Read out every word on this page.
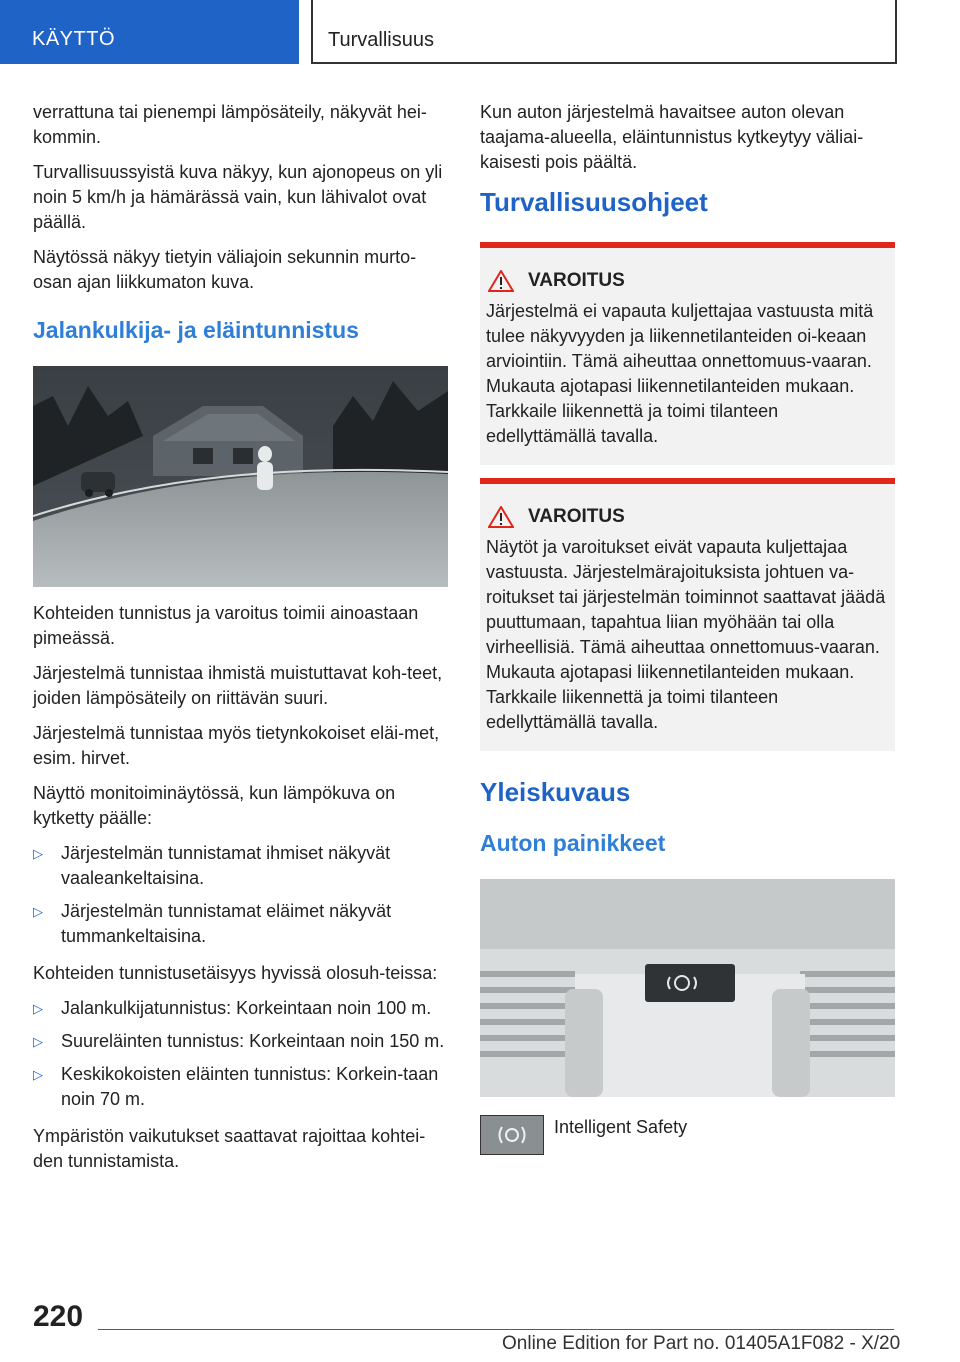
KÄYTTÖ	Turvallisuus

verrattuna tai pienempi lämpösäteily, näkyvät hei-kommin.

Turvallisuussyistä kuva näkyy, kun ajonopeus on yli noin 5 km/h ja hämärässä vain, kun lähivalot ovat päällä.

Näytössä näkyy tietyin väliajoin sekunnin murto-osan ajan liikkumaton kuva.

Jalankulkija- ja eläintunnistus

Kohteiden tunnistus ja varoitus toimii ainoastaan pimeässä.

Järjestelmä tunnistaa ihmistä muistuttavat koh-teet, joiden lämpösäteily on riittävän suuri.

Järjestelmä tunnistaa myös tietynkokoiset eläi-met, esim. hirvet.

Näyttö monitoiminäytössä, kun lämpökuva on kytketty päälle:

▷ Järjestelmän tunnistamat ihmiset näkyvät vaaleankeltaisina.
▷ Järjestelmän tunnistamat eläimet näkyvät tummankeltaisina.

Kohteiden tunnistusetäisyys hyvissä olosuh-teissa:

▷ Jalankulkijatunnistus: Korkeintaan noin 100 m.
▷ Suureläinten tunnistus: Korkeintaan noin 150 m.
▷ Keskikokoisten eläinten tunnistus: Korkein-taan noin 70 m.

Ympäristön vaikutukset saattavat rajoittaa kohtei-den tunnistamista.

Kun auton järjestelmä havaitsee auton olevan taajama-alueella, eläintunnistus kytkeytyy väliai-kaisesti pois päältä.

Turvallisuusohjeet
VAROITUS

Järjestelmä ei vapauta kuljettajaa vastuusta mitä tulee näkyvyyden ja liikennetilanteiden oi-keaan arviointiin. Tämä aiheuttaa onnettomuus-vaaran. Mukauta ajotapasi liikennetilanteiden mukaan. Tarkkaile liikennettä ja toimi tilanteen edellyttämällä tavalla.

VAROITUS

Näytöt ja varoitukset eivät vapauta kuljettajaa vastuusta. Järjestelmärajoituksista johtuen va-roitukset tai järjestelmän toiminnot saattavat jäädä puuttumaan, tapahtua liian myöhään tai olla virheellisiä. Tämä aiheuttaa onnettomuus-vaaran. Mukauta ajotapasi liikennetilanteiden mukaan. Tarkkaile liikennettä ja toimi tilanteen edellyttämällä tavalla.

Yleiskuvaus
Auton painikkeet
Intelligent Safety
220
Online Edition for Part no. 01405A1F082 - X/20
